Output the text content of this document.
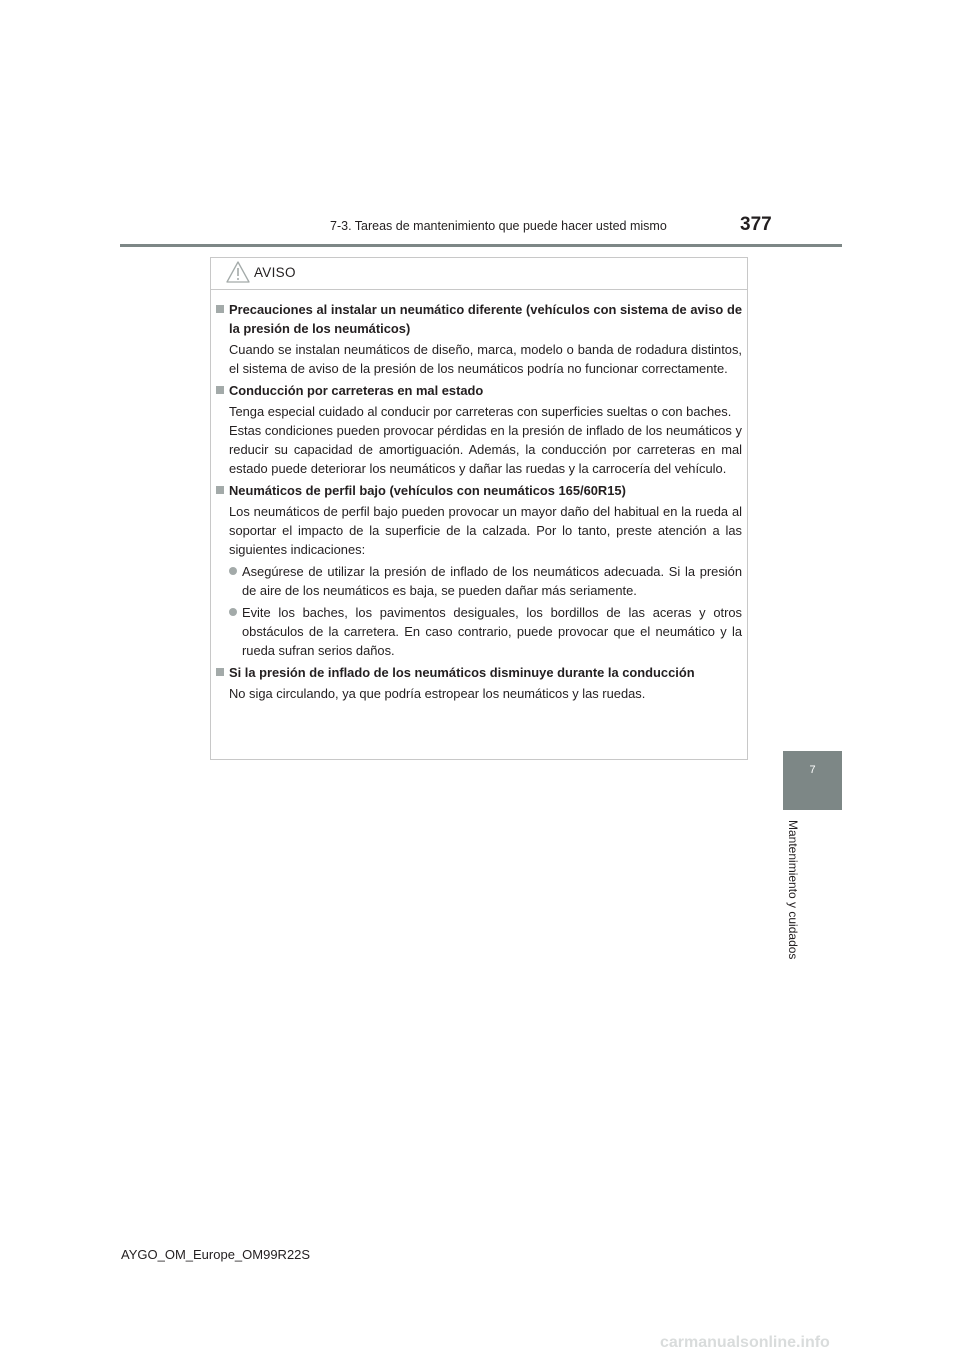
7-3. Tareas de mantenimiento que puede hacer usted mismo	377
7
Mantenimiento y cuidados
AVISO
Precauciones al instalar un neumático diferente (vehículos con sistema de aviso de la presión de los neumáticos)
Cuando se instalan neumáticos de diseño, marca, modelo o banda de rodadura distintos, el sistema de aviso de la presión de los neumáticos podría no funcionar correctamente.
Conducción por carreteras en mal estado
Tenga especial cuidado al conducir por carreteras con superficies sueltas o con baches.
Estas condiciones pueden provocar pérdidas en la presión de inflado de los neumáticos y reducir su capacidad de amortiguación. Además, la conducción por carreteras en mal estado puede deteriorar los neumáticos y dañar las ruedas y la carrocería del vehículo.
Neumáticos de perfil bajo (vehículos con neumáticos 165/60R15)
Los neumáticos de perfil bajo pueden provocar un mayor daño del habitual en la rueda al soportar el impacto de la superficie de la calzada. Por lo tanto, preste atención a las siguientes indicaciones:
Asegúrese de utilizar la presión de inflado de los neumáticos adecuada. Si la presión de aire de los neumáticos es baja, se pueden dañar más seriamente.
Evite los baches, los pavimentos desiguales, los bordillos de las aceras y otros obstáculos de la carretera. En caso contrario, puede provocar que el neumático y la rueda sufran serios daños.
Si la presión de inflado de los neumáticos disminuye durante la conducción
No siga circulando, ya que podría estropear los neumáticos y las ruedas.
AYGO_OM_Europe_OM99R22S
carmanualsonline.info
